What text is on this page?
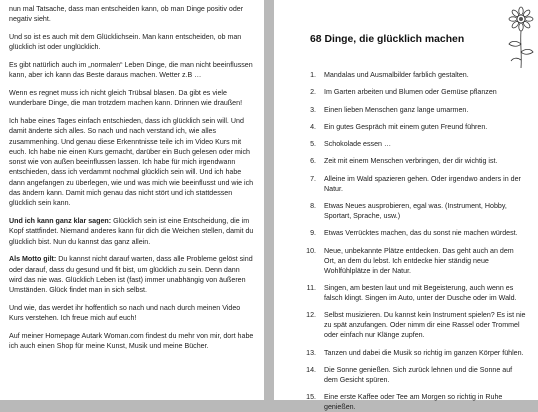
nun mal Tatsache, dass man entscheiden kann, ob man Dinge positiv oder negativ sieht.

Und so ist es auch mit dem Glücklichsein. Man kann entscheiden, ob man glücklich ist oder unglücklich.

Es gibt natürlich auch im „normalen“ Leben Dinge, die man nicht beeinflussen kann, aber ich kann das Beste daraus machen. Wetter z.B …

Wenn es regnet muss ich nicht gleich Trübsal blasen. Da gibt es viele wunderbare Dinge, die man trotzdem machen kann. Drinnen wie draußen!

Ich habe eines Tages einfach entschieden, dass ich glücklich sein will. Und damit änderte sich alles. So nach und nach verstand ich, wie alles zusammenhing. Und genau diese Erkenntnisse teile ich im Video Kurs mit euch. Ich habe nie einen Kurs gemacht, darüber ein Buch gelesen oder mich sonst wie von außen beeinflussen lassen. Ich habe für mich irgendwann entschieden, dass ich verdammt nochmal glücklich sein will. Und ich habe dann angefangen zu überlegen, wie und was mich wie beeinflusst und wie ich das ändern kann. Damit mich genau das nicht stört und ich stattdessen glücklich sein kann.

Und ich kann ganz klar sagen: Glücklich sein ist eine Entscheidung, die im Kopf stattfindet. Niemand anderes kann für dich die Weichen stellen, damit du glücklich bist. Nun du kannst das ganz allein.

Als Motto gilt: Du kannst nicht darauf warten, dass alle Probleme gelöst sind oder darauf, dass du gesund und fit bist, um glücklich zu sein. Denn dann wird das nie was. Glücklich Leben ist (fast) immer unabhängig von äußeren Umständen. Glück findet man in sich selbst.

Und wie, das werdet ihr hoffentlich so nach und nach durch meinen Video Kurs verstehen. Ich freue mich auf euch!

Auf meiner Homepage Autark Woman.com findest du mehr von mir, dort habe ich auch einen Shop für meine Kunst, Musik und meine Bücher.

68 Dinge, die glücklich machen
1. Mandalas und Ausmalbilder farblich gestalten.
2. Im Garten arbeiten und Blumen oder Gemüse pflanzen
3. Einen lieben Menschen ganz lange umarmen.
4. Ein gutes Gespräch mit einem guten Freund führen.
5. Schokolade essen …
6. Zeit mit einem Menschen verbringen, der dir wichtig ist.
7. Alleine im Wald spazieren gehen. Oder irgendwo anders in der Natur.
8. Etwas Neues ausprobieren, egal was. (Instrument, Hobby, Sportart, Sprache, usw.)
9. Etwas Verrücktes machen, das du sonst nie machen würdest.
10. Neue, unbekannte Plätze entdecken. Das geht auch an dem Ort, an dem du lebst. Ich entdecke hier ständig neue Wohlfühlplätze in der Natur.
11. Singen, am besten laut und mit Begeisterung, auch wenn es falsch klingt. Singen im Auto, unter der Dusche oder im Wald.
12. Selbst musizieren. Du kannst kein Instrument spielen? Es ist nie zu spät anzufangen. Oder nimm dir eine Rassel oder Trommel oder einfach nur Klänge zupfen.
13. Tanzen und dabei die Musik so richtig im ganzen Körper fühlen.
14. Die Sonne genießen. Sich zurück lehnen und die Sonne auf dem Gesicht spüren.
15. Eine erste Kaffee oder Tee am Morgen so richtig in Ruhe genießen.
